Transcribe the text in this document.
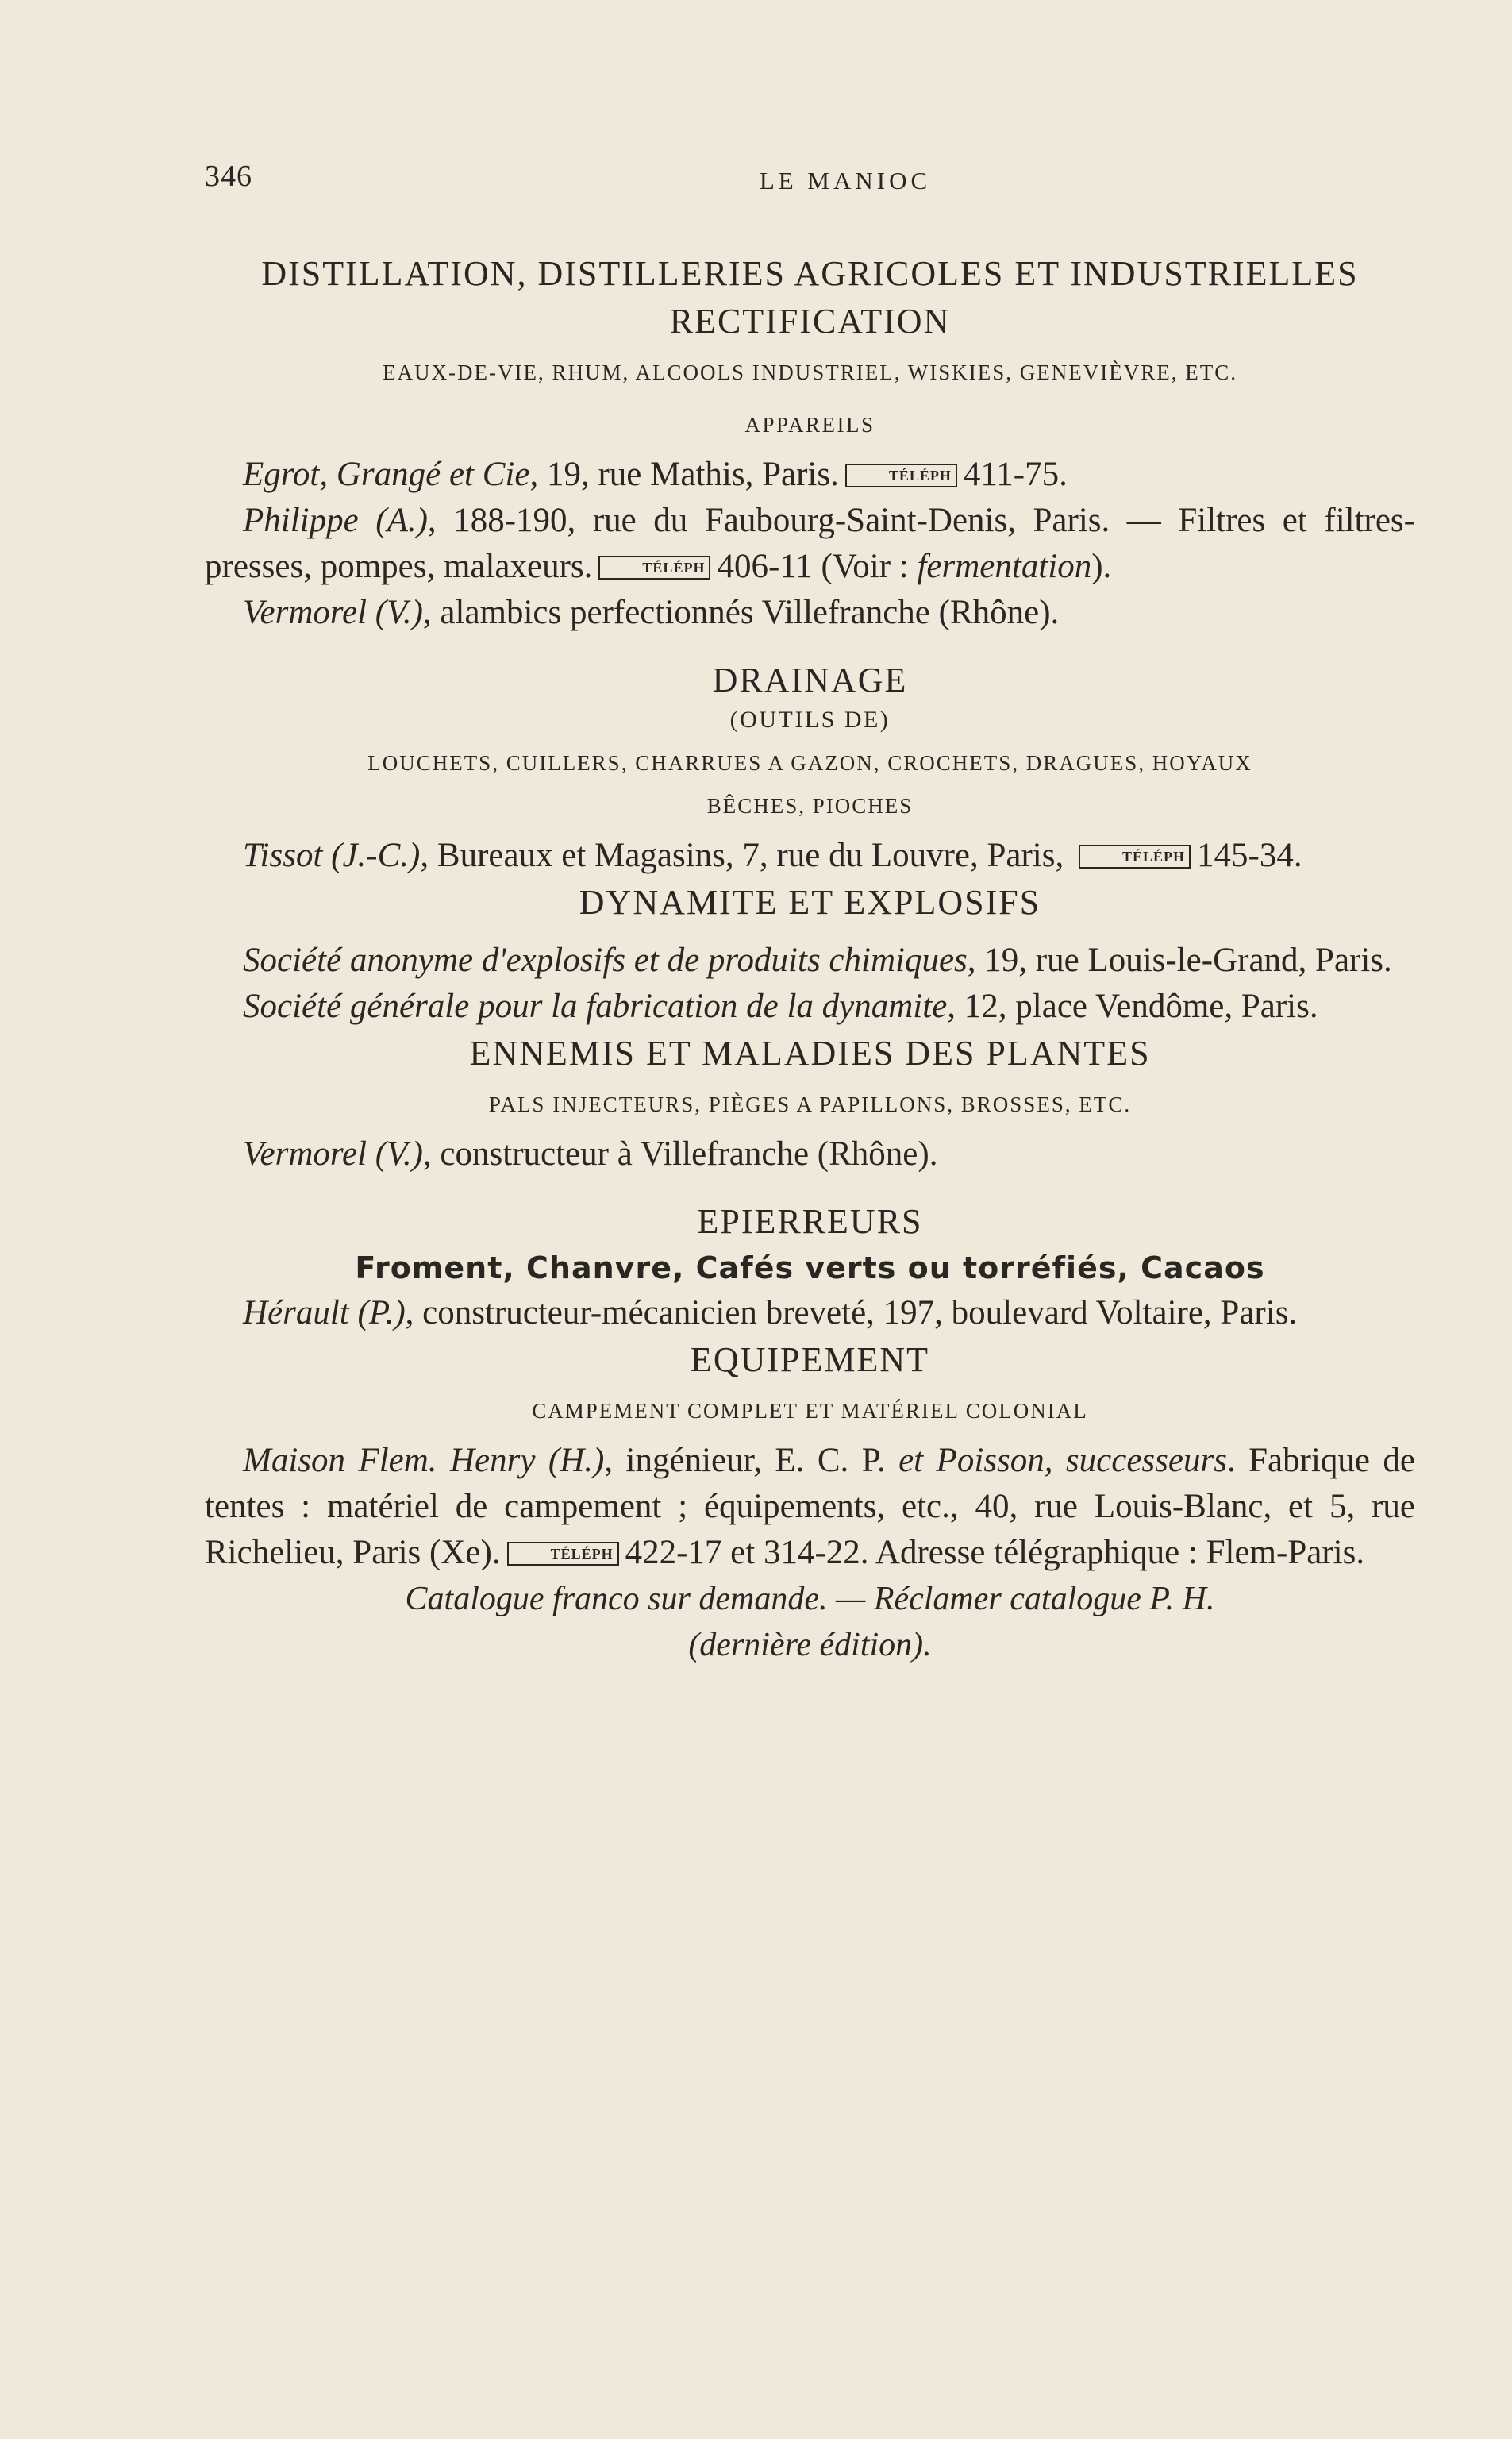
346	LE MANIOC
DISTILLATION, DISTILLERIES AGRICOLES ET INDUSTRIELLES
RECTIFICATION

EAUX-DE-VIE, RHUM, ALCOOLS INDUSTRIEL, WISKIES, GENEVIÈVRE, ETC.

APPAREILS

Egrot, Grangé et Cie, 19, rue Mathis, Paris.	TÉLÉPH 411-75.

Philippe (A.), 188-190, rue du Faubourg-Saint-Denis, Paris. — Filtres et filtres-presses, pompes, malaxeurs.	TÉLÉPH 406-11 (Voir : fermentation).

Vermorel (V.), alambics perfectionnés Villefranche (Rhône).

DRAINAGE

(OUTILS DE)

LOUCHETS, CUILLERS, CHARRUES A GAZON, CROCHETS, DRAGUES, HOYAUX

BÊCHES, PIOCHES

Tissot (J.-C.), Bureaux et Magasins, 7, rue du Louvre, Paris,	TÉLÉPH 145-34.

DYNAMITE ET EXPLOSIFS

Société anonyme d'explosifs et de produits chimiques, 19, rue Louis-le-Grand, Paris.

Société générale pour la fabrication de la dynamite, 12, place Vendôme, Paris.

ENNEMIS ET MALADIES DES PLANTES

PALS INJECTEURS, PIÈGES A PAPILLONS, BROSSES, ETC.

Vermorel (V.), constructeur à Villefranche (Rhône).

EPIERREURS

Froment, Chanvre, Cafés verts ou torréfiés, Cacaos

Hérault (P.), constructeur-mécanicien breveté, 197, boulevard Voltaire, Paris.

EQUIPEMENT

CAMPEMENT COMPLET ET MATÉRIEL COLONIAL

Maison Flem. Henry (H.), ingénieur, E. C. P. et Poisson, successeurs. Fabrique de tentes : matériel de campement ; équipements, etc., 40, rue Louis-Blanc, et 5, rue Richelieu, Paris (Xe).	TÉLÉPH 422-17 et 314-22. Adresse télégraphique : Flem-Paris.

Catalogue franco sur demande. — Réclamer catalogue P. H.

(dernière édition).
